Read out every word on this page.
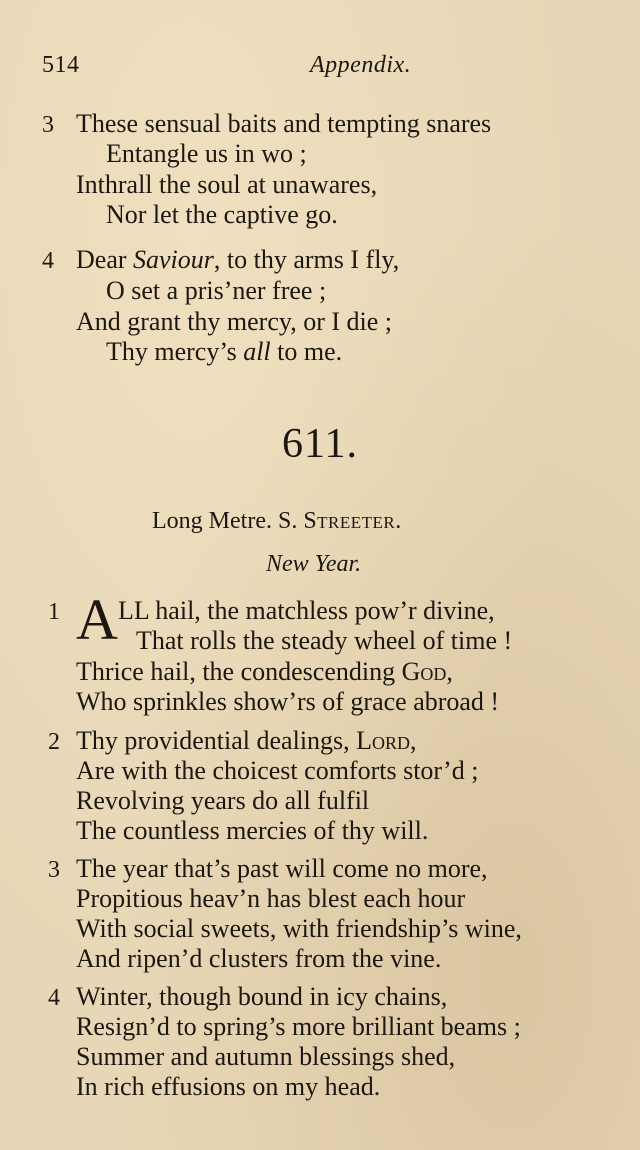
514	Appendix.
3 These sensual baits and tempting snares
Entangle us in wo ;
Inthrall the soul at unawares,
Nor let the captive go.
4 Dear Saviour, to thy arms I fly,
O set a pris’ner free ;
And grant thy mercy, or I die ;
Thy mercy’s all to me.
611.
Long Metre. S. Streeter.
New Year.
1 A LL hail, the matchless pow’r divine,
That rolls the steady wheel of time !
Thrice hail, the condescending God,
Who sprinkles show’rs of grace abroad !
2 Thy providential dealings, Lord,
Are with the choicest comforts stor’d ;
Revolving years do all fulfil
The countless mercies of thy will.
3 The year that’s past will come no more,
Propitious heav’n has blest each hour
With social sweets, with friendship’s wine,
And ripen’d clusters from the vine.
4 Winter, though bound in icy chains,
Resign’d to spring’s more brilliant beams ;
Summer and autumn blessings shed,
In rich effusions on my head.
